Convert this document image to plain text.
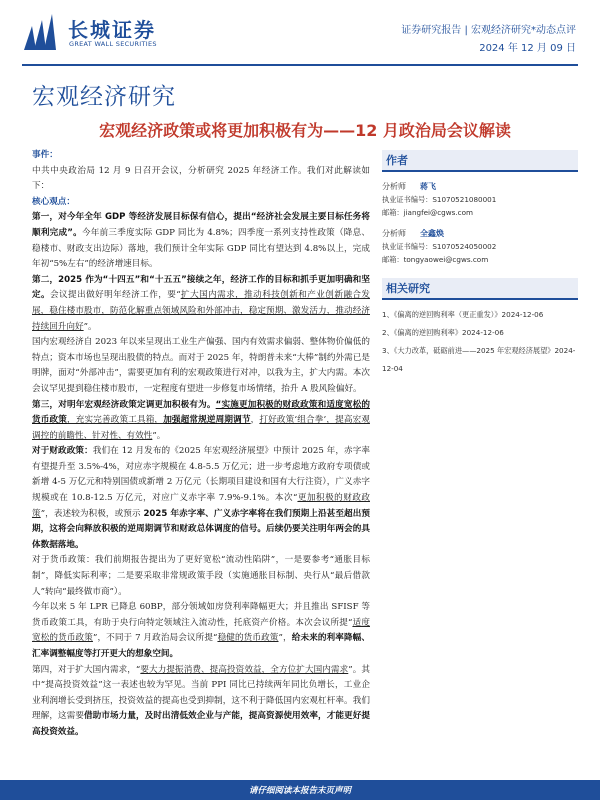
长城证券
GREAT WALL SECURITIES
证券研究报告 | 宏观经济研究*动态点评
2024 年 12 月 09 日
宏观经济研究
宏观经济政策或将更加积极有为——12 月政治局会议解读

事件：

中共中央政治局 12 月 9 日召开会议，分析研究 2025 年经济工作。我们对此解读如下：

核心观点：

第一，对今年全年 GDP 等经济发展目标保有信心，提出“经济社会发展主要目标任务将顺利完成”。今年前三季度实际 GDP 同比为 4.8%；四季度一系列支持性政策（降息、稳楼市、财政支出边际）落地，我们预计全年实际 GDP 同比有望达到 4.8%以上，完成年初“5%左右”的经济增速目标。

第二，2025 作为“十四五”和“十五五”接续之年，经济工作的目标和抓手更加明确和坚定。会议提出做好明年经济工作，要“扩大国内需求，推动科技创新和产业创新融合发展，稳住楼市股市，防范化解重点领域风险和外部冲击，稳定预期、激发活力，推动经济持续回升向好”。

国内宏观经济自 2023 年以来呈现出工业生产偏强、国内有效需求偏弱、整体物价偏低的特点；资本市场也呈现出股债的特点。而对于 2025 年，特朗普未来“大棒”制约外需已是明牌，面对“外部冲击”，需要更加有利的宏观政策进行对冲，以我为主，扩大内需。本次会议罕见提到稳住楼市股市，一定程度有望进一步修复市场情绪，抬升 A 股风险偏好。

第三，对明年宏观经济政策定调更加积极有为。“实施更加积极的财政政策和适度宽松的货币政策，充实完善政策工具箱，加强超常规逆周期调节，打好政策‘组合拳’，提高宏观调控的前瞻性、针对性、有效性”。

对于财政政策：我们在 12 月发布的《2025 年宏观经济展望》中预计 2025 年，赤字率有望提升至 3.5%-4%，对应赤字规模在 4.8-5.5 万亿元；进一步考虑地方政府专项债或新增 4-5 万亿元和特别国债或新增 2 万亿元（长期项目建设和国有大行注资），广义赤字规模或在 10.8-12.5 万亿元，对应广义赤字率 7.9%-9.1%。本次“更加积极的财政政策”，表述较为积极，或预示 2025 年赤字率、广义赤字率将在我们预期上沿甚至超出预期，这将会向释放积极的逆周期调节和财政总体调度的信号。后续仍要关注明年两会的具体数据落地。

对于货币政策：我们前期报告提出为了更好宽松“流动性陷阱”，一是要参考“通胀目标制”，降低实际利率；二是要采取非常规政策手段（实施通胀目标制、央行从“最后借款人”转向“最终做市商”）。

今年以来 5 年 LPR 已降息 60BP，部分领域如房贷利率降幅更大；并且推出 SFISF 等货币政策工具，有助于央行向特定领域注入流动性，托底资产价格。本次会议所提“适度宽松的货币政策”，不同于 7 月政治局会议所提“稳健的货币政策”，给未来的利率降幅、汇率调整幅度等打开更大的想象空间。

第四，对于扩大国内需求，“要大力提振消费、提高投资效益，全方位扩大国内需求”。其中“提高投资效益”这一表述也较为罕见。当前 PPI 同比已持续两年同比负增长，工业企业利润增长受到挤压，投资效益的提高也受到抑制，这不利于降低国内宏观杠杆率。我们理解，这需要借助市场力量，及时出清低效企业与产能，提高资源使用效率，才能更好提高投资效益。

作者
分析师 蒋飞
执业证书编号：S1070521080001
邮箱：jiangfei@cgws.com
分析师 全鑫焕
执业证书编号：S1070524050002
邮箱：tongyaowei@cgws.com
相关研究
1、《偏离的逆回购利率（更正重发）》2024-12-06
2、《偏离的逆回购利率》2024-12-06
3、《大力改革，砥砺前进——2025 年宏观经济展望》2024-12-04
请仔细阅读本报告末页声明
